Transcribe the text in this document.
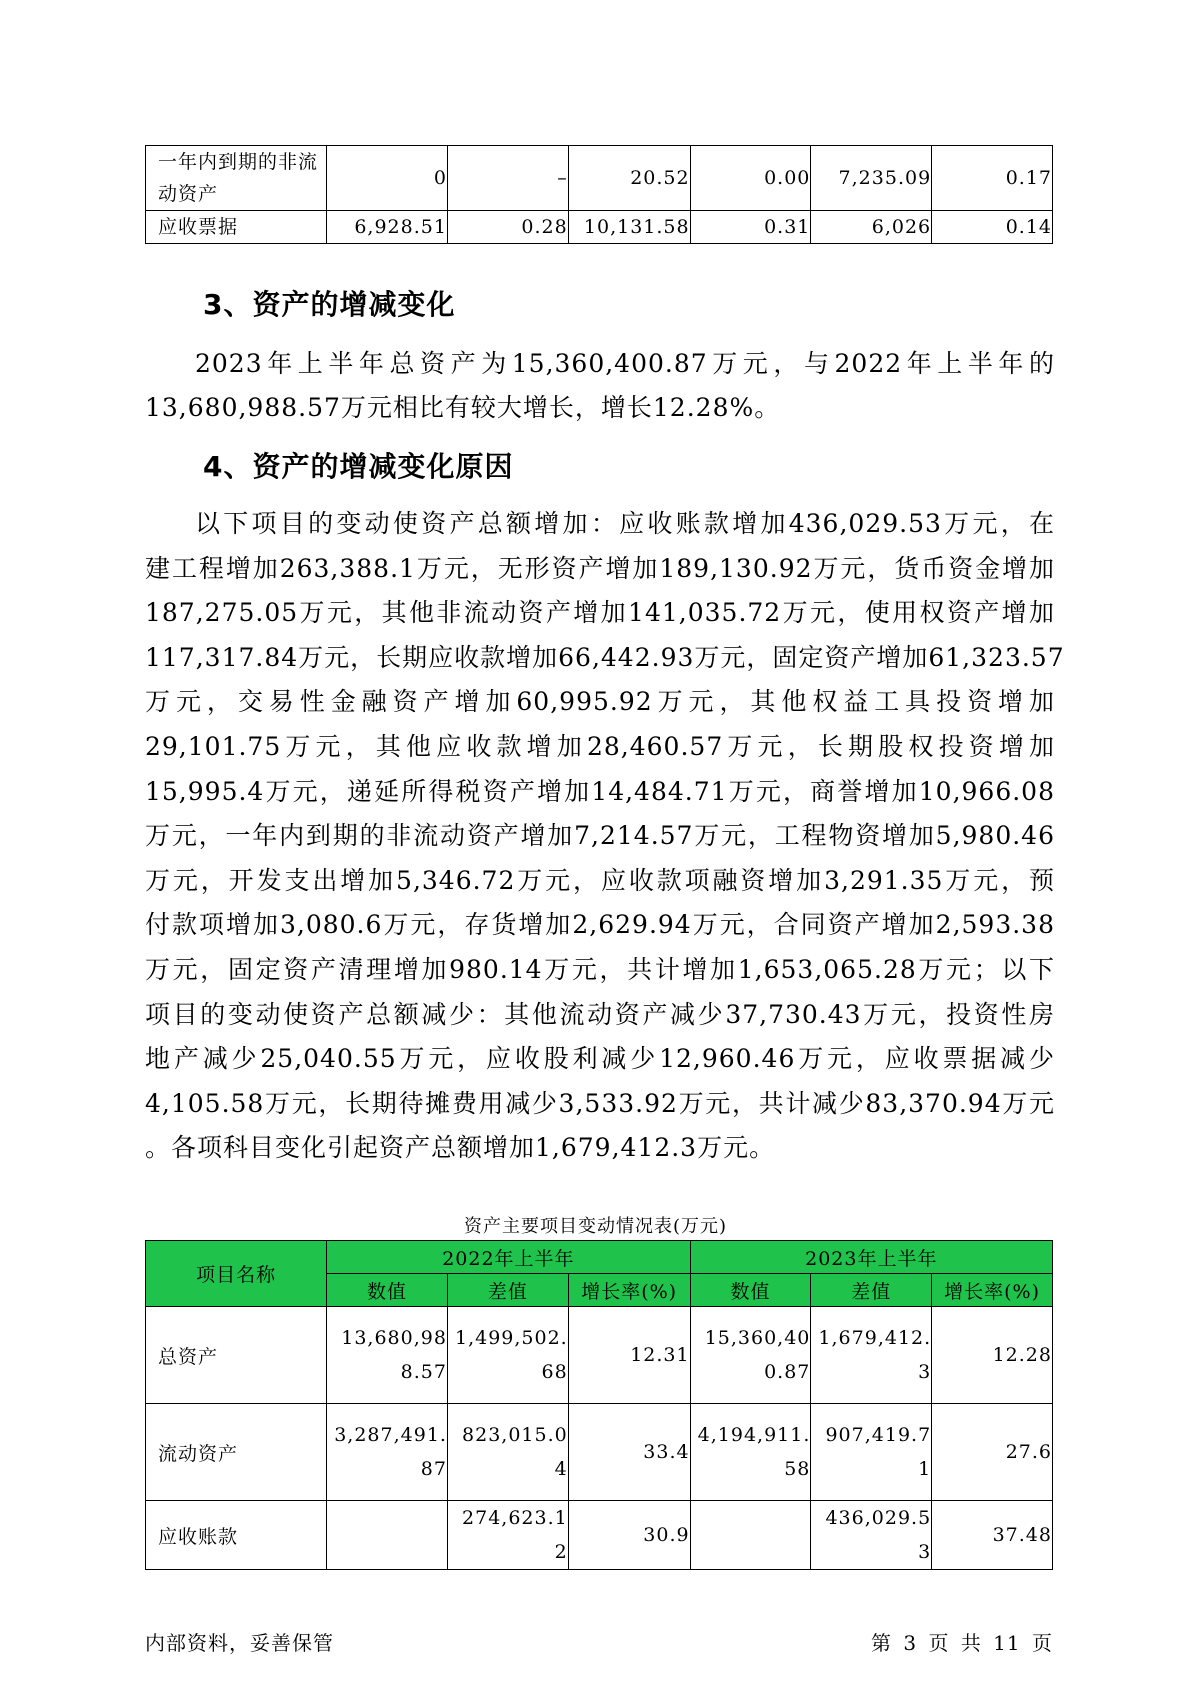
一年内到期的非流动资产	0	–	20.52	0.00	7,235.09	0.17
应收票据	6,928.51	0.28	10,131.58	0.31	6,026	0.14
3、资产的增减变化
2023年上半年总资产为15,360,400.87万元，与2022年上半年的
13,680,988.57万元相比有较大增长，增长12.28%。
4、资产的增减变化原因
以下项目的变动使资产总额增加：应收账款增加436,029.53万元，在
建工程增加263,388.1万元，无形资产增加189,130.92万元，货币资金增加
187,275.05万元，其他非流动资产增加141,035.72万元，使用权资产增加
117,317.84万元，长期应收款增加66,442.93万元，固定资产增加61,323.57
万元，交易性金融资产增加60,995.92万元，其他权益工具投资增加
29,101.75万元，其他应收款增加28,460.57万元，长期股权投资增加
15,995.4万元，递延所得税资产增加14,484.71万元，商誉增加10,966.08
万元，一年内到期的非流动资产增加7,214.57万元，工程物资增加5,980.46
万元，开发支出增加5,346.72万元，应收款项融资增加3,291.35万元，预
付款项增加3,080.6万元，存货增加2,629.94万元，合同资产增加2,593.38
万元，固定资产清理增加980.14万元，共计增加1,653,065.28万元；以下
项目的变动使资产总额减少：其他流动资产减少37,730.43万元，投资性房
地产减少25,040.55万元，应收股利减少12,960.46万元，应收票据减少
4,105.58万元，长期待摊费用减少3,533.92万元，共计减少83,370.94万元
。各项科目变化引起资产总额增加1,679,412.3万元。
资产主要项目变动情况表(万元)
项目名称	2022年上半年			2023年上半年		
	数值	差值	增长率(%)	数值	差值	增长率(%)
总资产	13,680,988.57	1,499,502.68	12.31	15,360,400.87	1,679,412.3	12.28
流动资产	3,287,491.87	823,015.04	33.4	4,194,911.58	907,419.71	27.6
应收账款		274,623.12	30.9		436,029.53	37.48
内部资料，妥善保管	第 3 页 共 11 页
